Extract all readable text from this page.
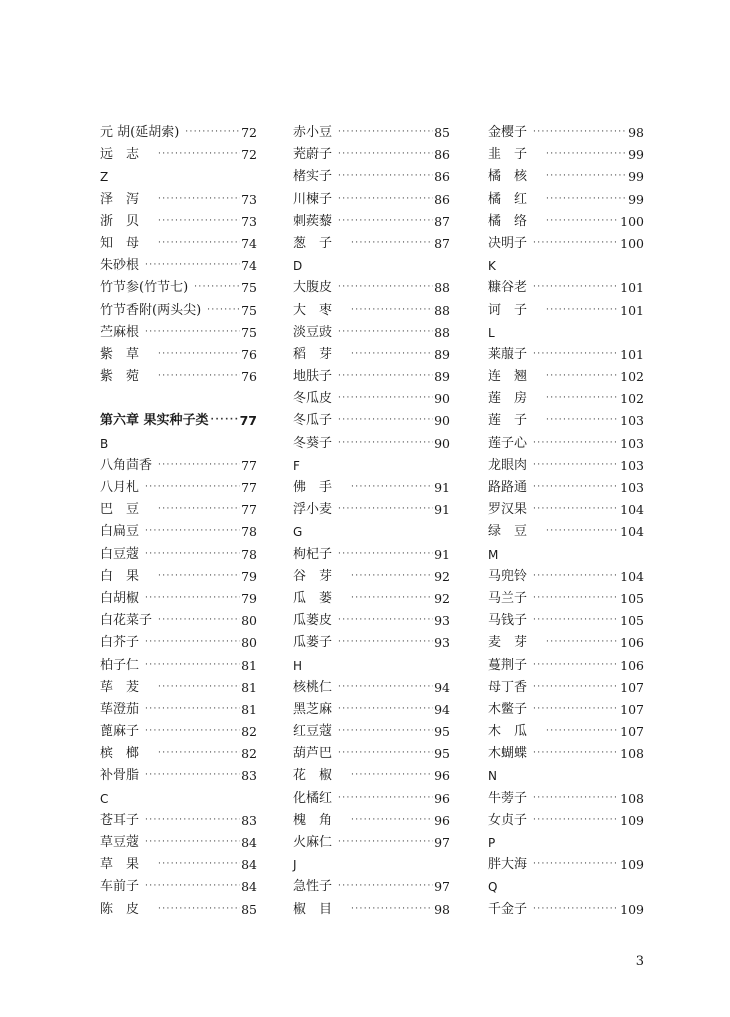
元 胡(延胡索) ·····	72
远志 ·····	72
Z
泽泻 ·····	73
浙贝 ·····	73
知母 ·····	74
朱砂根 ·····	74
竹节参(竹节七) ·····	75
竹节香附(两头尖) ·····	75
苎麻根 ·····	75
紫草 ·····	76
紫菀 ·····	76
第六章 果实种子类 ····· 77
B
八角茴香 ·····	77
八月札 ·····	77
巴豆 ·····	77
白扁豆 ·····	78
白豆蔻 ·····	78
白果 ·····	79
白胡椒 ·····	79
白花菜子 ·····	80
白芥子 ·····	80
柏子仁 ·····	81
荜茇 ·····	81
荜澄茄 ·····	81
蓖麻子 ·····	82
槟榔 ·····	82
补骨脂 ·····	83
C
苍耳子 ·····	83
草豆蔻 ·····	84
草果 ·····	84
车前子 ·····	84
陈皮 ·····	85
赤小豆 ·····	85
茺蔚子 ·····	86
楮实子 ·····	86
川楝子 ·····	86
刺蒺藜 ·····	87
葱子 ·····	87
D
大腹皮 ·····	88
大枣 ·····	88
淡豆豉 ·····	88
稻芽 ·····	89
地肤子 ·····	89
冬瓜皮 ·····	90
冬瓜子 ·····	90
冬葵子 ·····	90
F
佛手 ·····	91
浮小麦 ·····	91
G
枸杞子 ·····	91
谷芽 ·····	92
瓜蒌 ·····	92
瓜蒌皮 ·····	93
瓜蒌子 ·····	93
H
核桃仁 ·····	94
黑芝麻 ·····	94
红豆蔻 ·····	95
葫芦巴 ·····	95
花椒 ·····	96
化橘红 ·····	96
槐角 ·····	96
火麻仁 ·····	97
J
急性子 ·····	97
椒目 ·····	98
金樱子 ·····	98
韭子 ·····	99
橘核 ·····	99
橘红 ·····	99
橘络 ·····	100
决明子 ·····	100
K
糠谷老 ·····	101
诃子 ·····	101
L
莱菔子 ·····	101
连翘 ·····	102
莲房 ·····	102
莲子 ·····	103
莲子心 ·····	103
龙眼肉 ·····	103
路路通 ·····	103
罗汉果 ·····	104
绿豆 ·····	104
M
马兜铃 ·····	104
马兰子 ·····	105
马钱子 ·····	105
麦芽 ·····	106
蔓荆子 ·····	106
母丁香 ·····	107
木鳖子 ·····	107
木瓜 ·····	107
木蝴蝶 ·····	108
N
牛蒡子 ·····	108
女贞子 ·····	109
P
胖大海 ·····	109
Q
千金子 ·····	109
3
